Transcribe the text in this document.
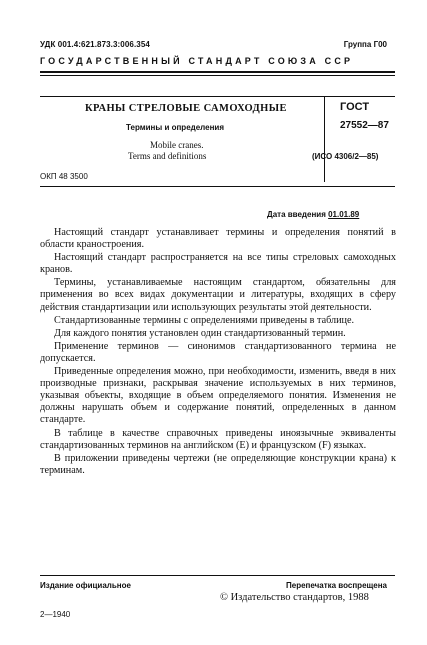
УДК 001.4:621.873.3:006.354	Группа Г00
ГОСУДАРСТВЕННЫЙ СТАНДАРТ СОЮЗА ССР
КРАНЫ СТРЕЛОВЫЕ САМОХОДНЫЕ
Термины и определения
Mobile cranes.
Terms and definitions
ГОСТ
27552—87
(ИСО 4306/2—85)
ОКП 48 3500
Дата введения 01.01.89

Настоящий стандарт устанавливает термины и определения понятий в области краностроения.

Настоящий стандарт распространяется на все типы стреловых самоходных кранов.

Термины, устанавливаемые настоящим стандартом, обязательны для применения во всех видах документации и литературы, входящих в сферу действия стандартизации или использующих результаты этой деятельности.

Стандартизованные термины с определениями приведены в таблице.

Для каждого понятия установлен один стандартизованный термин.

Применение терминов — синонимов стандартизованного термина не допускается.

Приведенные определения можно, при необходимости, изменить, введя в них производные признаки, раскрывая значение используемых в них терминов, указывая объекты, входящие в объем определяемого понятия. Изменения не должны нарушать объем и содержание понятий, определенных в данном стандарте.

В таблице в качестве справочных приведены иноязычные эквиваленты стандартизованных терминов на английском (E) и французском (F) языках.

В приложении приведены чертежи (не определяющие конструкции крана) к терминам.

Издание официальное	Перепечатка воспрещена
© Издательство стандартов, 1988
2—1940
